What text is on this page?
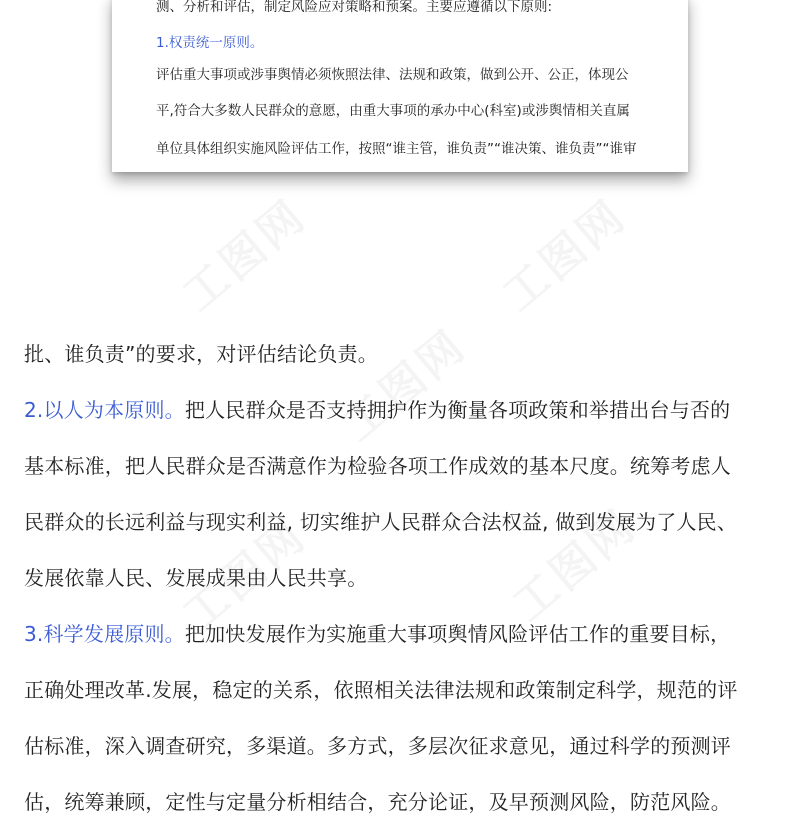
测、分析和评估，制定风险应对策略和预案。主要应遵循以下原则:
1.权责统一原则。
评估重大事项或涉事舆情必须恢照法律、法规和政策，做到公开、公正，体现公
平,符合大多数人民群众的意愿，由重大事项的承办中心(科室)或涉舆情相关直属
单位具体组织实施风险评估工作，按照“谁主管，谁负责”“谁决策、谁负责”“谁审

批、谁负责”的要求，对评估结论负责。

2.以人为本原则。把人民群众是否支持拥护作为衡量各项政策和举措出台与否的

基本标准，把人民群众是否满意作为检验各项工作成效的基本尺度。统筹考虑人

民群众的长远利益与现实利益, 切实维护人民群众合法权益, 做到发展为了人民、

发展依靠人民、发展成果由人民共享。

3.科学发展原则。把加快发展作为实施重大事项舆情风险评估工作的重要目标，

正确处理改革.发展，稳定的关系，依照相关法律法规和政策制定科学，规范的评

估标准，深入调查研究，多渠道。多方式，多层次征求意见，通过科学的预测评

估，统筹兼顾，定性与定量分析相结合，充分论证，及早预测风险，防范风险。
